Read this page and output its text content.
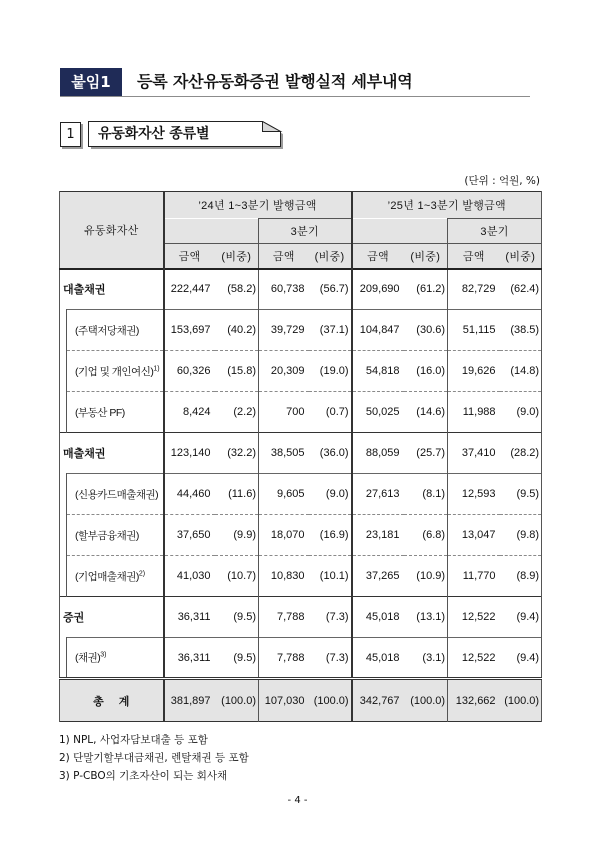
붙임1	등록 자산유동화증권 발행실적 세부내역
1	유동화자산 종류별
(단위 : 억원, %)
유동화자산		’24년 1~3분기 발행금액				’25년 1~3분기 발행금액			
				3분기				3분기	
		금액	(비중)	금액	(비중)	금액	(비중)	금액	(비중)
대출채권		222,447	(58.2)	60,738	(56.7)	209,690	(61.2)	82,729	(62.4)
	(주택저당채권)	153,697	(40.2)	39,729	(37.1)	104,847	(30.6)	51,115	(38.5)
	(기업 및 개인여신)$^{1)}$	60,326	(15.8)	20,309	(19.0)	54,818	(16.0)	19,626	(14.8)
	(부동산 PF)	8,424	(2.2)	700	(0.7)	50,025	(14.6)	11,988	(9.0)
매출채권		123,140	(32.2)	38,505	(36.0)	88,059	(25.7)	37,410	(28.2)
	(신용카드매출채권)	44,460	(11.6)	9,605	(9.0)	27,613	(8.1)	12,593	(9.5)
	(할부금융채권)	37,650	(9.9)	18,070	(16.9)	23,181	(6.8)	13,047	(9.8)
	(기업매출채권)$^{2)}$	41,030	(10.7)	10,830	(10.1)	37,265	(10.9)	11,770	(8.9)
증권		36,311	(9.5)	7,788	(7.3)	45,018	(13.1)	12,522	(9.4)
	(채권)$^{3)}$	36,311	(9.5)	7,788	(7.3)	45,018	(3.1)	12,522	(9.4)
총 계		381,897	(100.0)	107,030	(100.0)	342,767	(100.0)	132,662	(100.0)
1) NPL, 사업자담보대출 등 포함
2) 단말기할부대금채권, 렌탈채권 등 포함
3) P-CBO의 기초자산이 되는 회사채
- 4 -
